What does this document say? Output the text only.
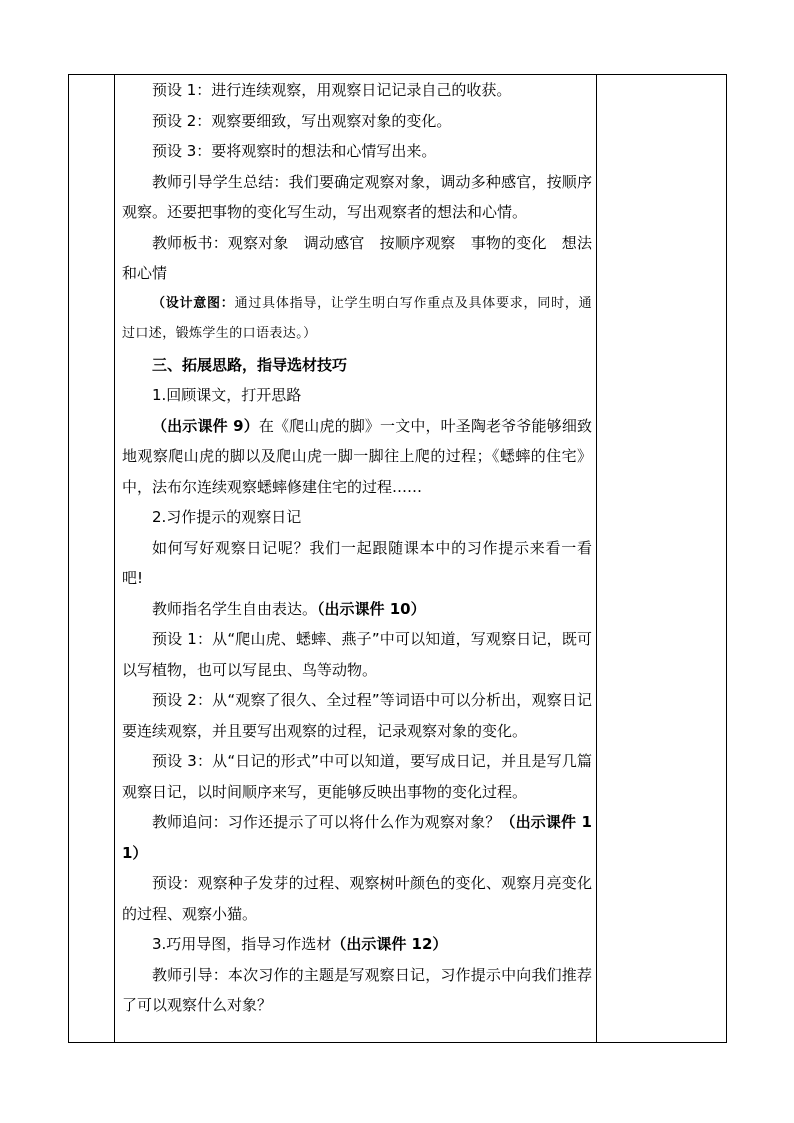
预设 1：进行连续观察，用观察日记记录自己的收获。

预设 2：观察要细致，写出观察对象的变化。

预设 3：要将观察时的想法和心情写出来。

教师引导学生总结：我们要确定观察对象，调动多种感官，按顺序观察。还要把事物的变化写生动，写出观察者的想法和心情。

教师板书：观察对象　调动感官　按顺序观察　事物的变化　想法和心情

（设计意图：通过具体指导，让学生明白写作重点及具体要求，同时，通过口述，锻炼学生的口语表达。）

三、拓展思路，指导选材技巧

1.回顾课文，打开思路

（出示课件 9）在《爬山虎的脚》一文中，叶圣陶老爷爷能够细致地观察爬山虎的脚以及爬山虎一脚一脚往上爬的过程；《蟋蟀的住宅》中，法布尔连续观察蟋蟀修建住宅的过程……

2.习作提示的观察日记

如何写好观察日记呢？我们一起跟随课本中的习作提示来看一看吧!

教师指名学生自由表达。（出示课件 10）

预设 1：从“爬山虎、蟋蟀、燕子”中可以知道，写观察日记，既可以写植物，也可以写昆虫、鸟等动物。

预设 2：从“观察了很久、全过程”等词语中可以分析出，观察日记要连续观察，并且要写出观察的过程，记录观察对象的变化。

预设 3：从“日记的形式”中可以知道，要写成日记，并且是写几篇观察日记，以时间顺序来写，更能够反映出事物的变化过程。

教师追问：习作还提示了可以将什么作为观察对象？（出示课件 11）

预设：观察种子发芽的过程、观察树叶颜色的变化、观察月亮变化的过程、观察小猫。

3.巧用导图，指导习作选材（出示课件 12）

教师引导：本次习作的主题是写观察日记，习作提示中向我们推荐了可以观察什么对象？
